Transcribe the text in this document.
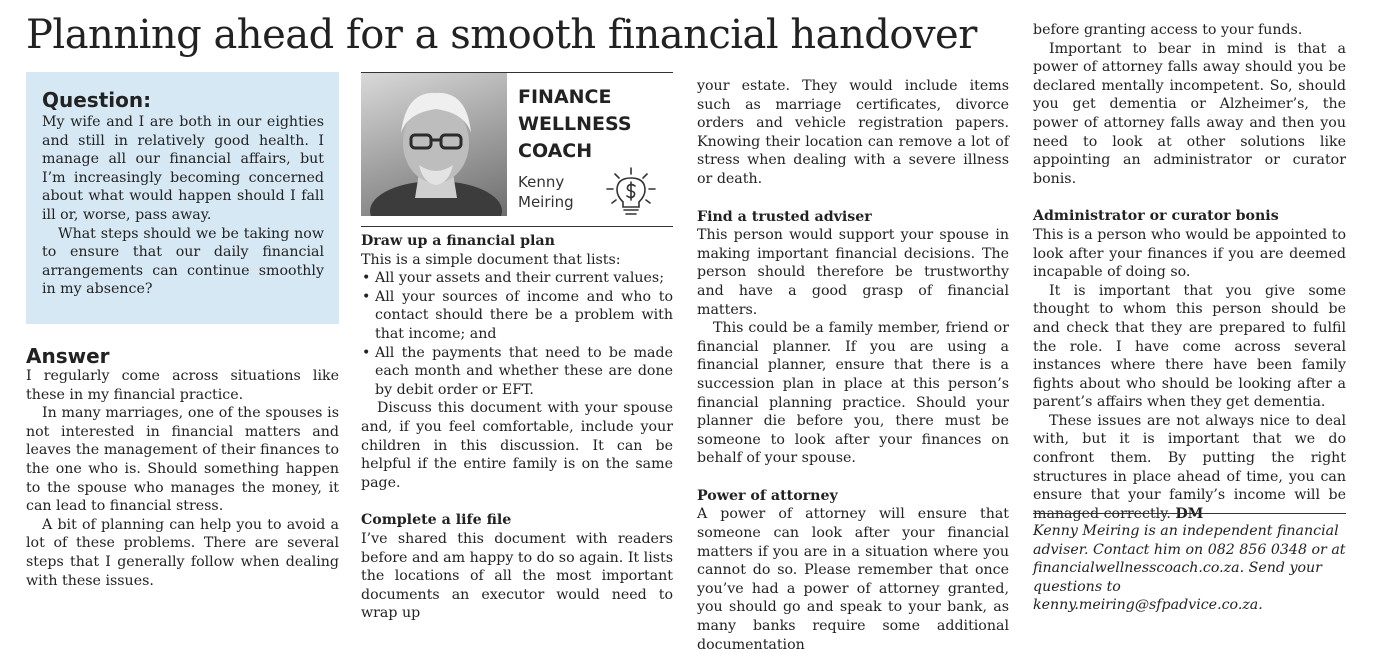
Planning ahead for a smooth financial handover
Question:

My wife and I are both in our eighties and still in relatively good health. I manage all our financial affairs, but I’m increasingly becoming concerned about what would happen should I fall ill or, worse, pass away.

What steps should we be taking now to ensure that our daily financial arrangements can continue smoothly in my absence?

Answer

I regularly come across situations like these in my financial practice.

In many marriages, one of the spouses is not interested in financial matters and leaves the management of their finances to the one who is. Should something happen to the spouse who manages the money, it can lead to financial stress.

A bit of planning can help you to avoid a lot of these problems. There are several steps that I generally follow when dealing with these issues.

FINANCE
WELLNESS
COACH
Kenny
Meiring
Draw up a financial plan

This is a simple document that lists:

• All your assets and their current values;
• All your sources of income and who to contact should there be a problem with that income; and
• All the payments that need to be made each month and whether these are done by debit order or EFT.

Discuss this document with your spouse and, if you feel comfortable, include your children in this discussion. It can be helpful if the entire family is on the same page.

Complete a life file

I’ve shared this document with readers before and am happy to do so again. It lists the locations of all the most important documents an executor would need to wrap up

your estate. They would include items such as marriage certificates, divorce orders and vehicle registration papers. Knowing their location can remove a lot of stress when dealing with a severe illness or death.

Find a trusted adviser

This person would support your spouse in making important financial decisions. The person should therefore be trustworthy and have a good grasp of financial matters.

This could be a family member, friend or financial planner. If you are using a financial planner, ensure that there is a succession plan in place at this person’s financial planning practice. Should your planner die before you, there must be someone to look after your finances on behalf of your spouse.

Power of attorney

A power of attorney will ensure that someone can look after your financial matters if you are in a situation where you cannot do so. Please remember that once you’ve had a power of attorney granted, you should go and speak to your bank, as many banks require some additional documentation

before granting access to your funds.

Important to bear in mind is that a power of attorney falls away should you be declared mentally incompetent. So, should you get dementia or Alzheimer’s, the power of attorney falls away and then you need to look at other solutions like appointing an administrator or curator bonis.

Administrator or curator bonis

This is a person who would be appointed to look after your finances if you are deemed incapable of doing so.

It is important that you give some thought to whom this person should be and check that they are prepared to fulfil the role. I have come across several instances where there have been family fights about who should be looking after a parent’s affairs when they get dementia.

These issues are not always nice to deal with, but it is important that we do confront them. By putting the right structures in place ahead of time, you can ensure that your family’s income will be managed correctly. DM

Kenny Meiring is an independent financial adviser. Contact him on 082 856 0348 or at financialwellnesscoach.co.za. Send your questions to kenny.meiring@sfpadvice.co.za.
